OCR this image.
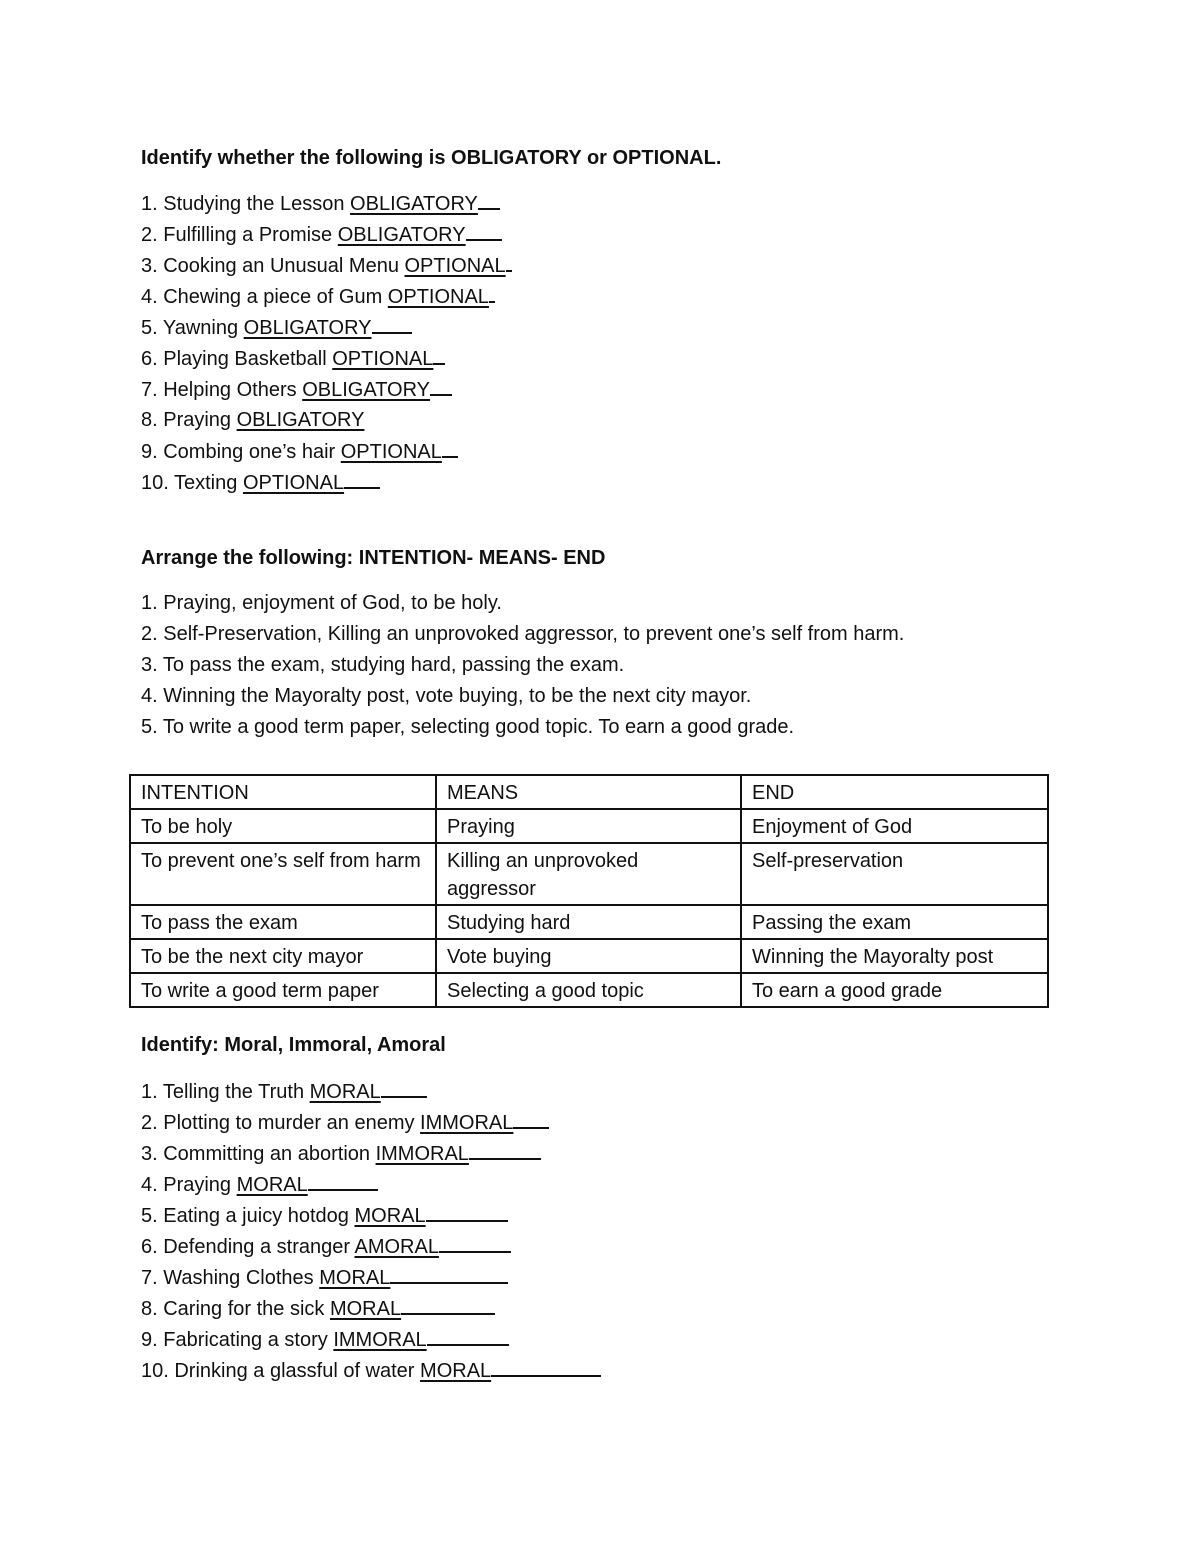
Identify whether the following is OBLIGATORY or OPTIONAL.
1. Studying the Lesson OBLIGATORY
2. Fulfilling a Promise OBLIGATORY
3. Cooking an Unusual Menu OPTIONAL
4. Chewing a piece of Gum OPTIONAL
5. Yawning OBLIGATORY
6. Playing Basketball OPTIONAL
7. Helping Others OBLIGATORY
8. Praying OBLIGATORY
9. Combing one’s hair OPTIONAL
10. Texting OPTIONAL
Arrange the following: INTENTION- MEANS- END
1. Praying, enjoyment of God, to be holy.
2. Self-Preservation, Killing an unprovoked aggressor, to prevent one’s self from harm.
3. To pass the exam, studying hard, passing the exam.
4. Winning the Mayoralty post, vote buying, to be the next city mayor.
5. To write a good term paper, selecting good topic. To earn a good grade.
INTENTION	MEANS	END
To be holy	Praying	Enjoyment of God
To prevent one’s self from harm	Killing an unprovoked aggressor	Self-preservation
To pass the exam	Studying hard	Passing the exam
To be the next city mayor	Vote buying	Winning the Mayoralty post
To write a good term paper	Selecting a good topic	To earn a good grade
Identify: Moral, Immoral, Amoral
1. Telling the Truth MORAL
2. Plotting to murder an enemy IMMORAL
3. Committing an abortion IMMORAL
4. Praying MORAL
5. Eating a juicy hotdog MORAL
6. Defending a stranger AMORAL
7. Washing Clothes MORAL
8. Caring for the sick MORAL
9. Fabricating a story IMMORAL
10. Drinking a glassful of water MORAL
